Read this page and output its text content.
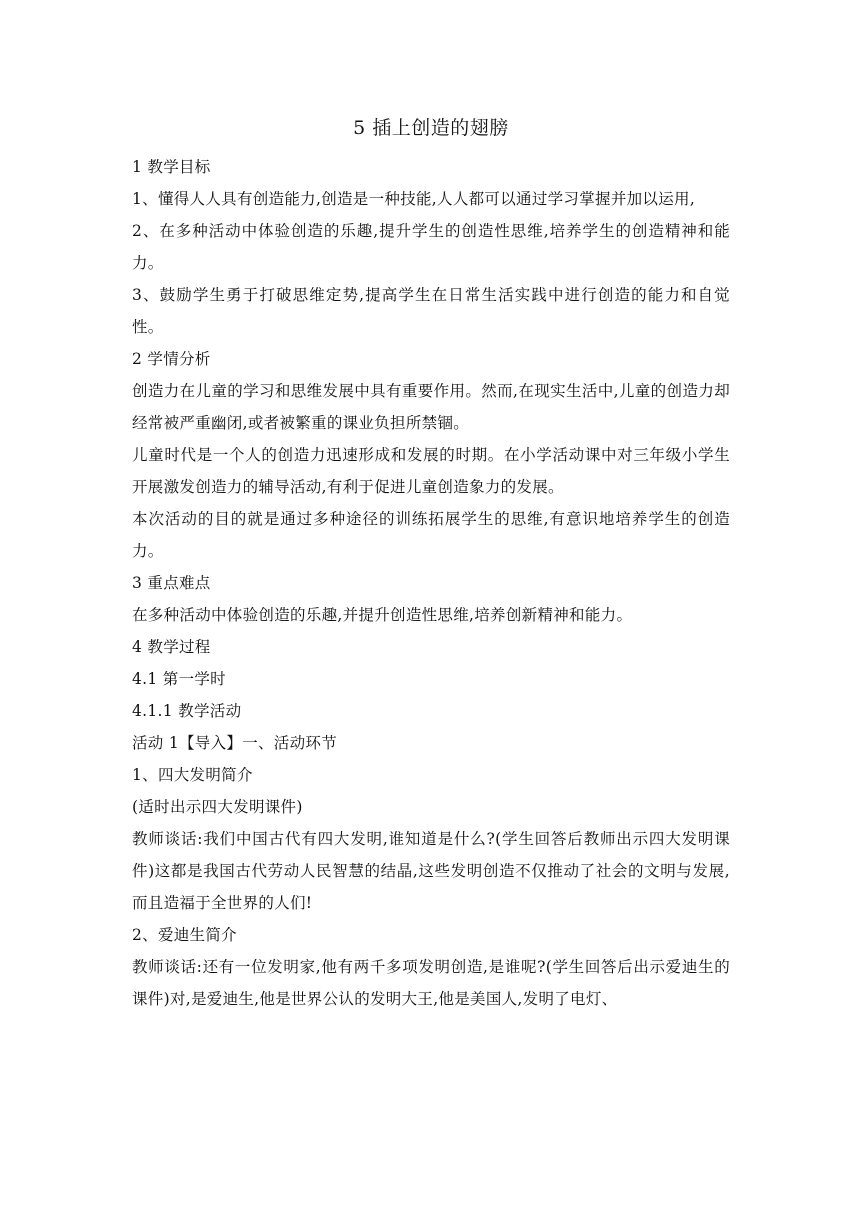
5 插上创造的翅膀

1 教学目标

1、懂得人人具有创造能力,创造是一种技能,人人都可以通过学习掌握并加以运用,

2、在多种活动中体验创造的乐趣,提升学生的创造性思维,培养学生的创造精神和能力。

3、鼓励学生勇于打破思维定势,提高学生在日常生活实践中进行创造的能力和自觉性。

2 学情分析

创造力在儿童的学习和思维发展中具有重要作用。然而,在现实生活中,儿童的创造力却经常被严重幽闭,或者被繁重的课业负担所禁锢。

儿童时代是一个人的创造力迅速形成和发展的时期。在小学活动课中对三年级小学生开展激发创造力的辅导活动,有利于促进儿童创造象力的发展。

本次活动的目的就是通过多种途径的训练拓展学生的思维,有意识地培养学生的创造力。

3 重点难点

在多种活动中体验创造的乐趣,并提升创造性思维,培养创新精神和能力。

4 教学过程

4.1 第一学时

4.1.1 教学活动

活动 1【导入】一、活动环节

1、四大发明简介

(适时出示四大发明课件)

教师谈话:我们中国古代有四大发明,谁知道是什么?(学生回答后教师出示四大发明课件)这都是我国古代劳动人民智慧的结晶,这些发明创造不仅推动了社会的文明与发展,而且造福于全世界的人们!

2、爱迪生简介

教师谈话:还有一位发明家,他有两千多项发明创造,是谁呢?(学生回答后出示爱迪生的课件)对,是爱迪生,他是世界公认的发明大王,他是美国人,发明了电灯、
